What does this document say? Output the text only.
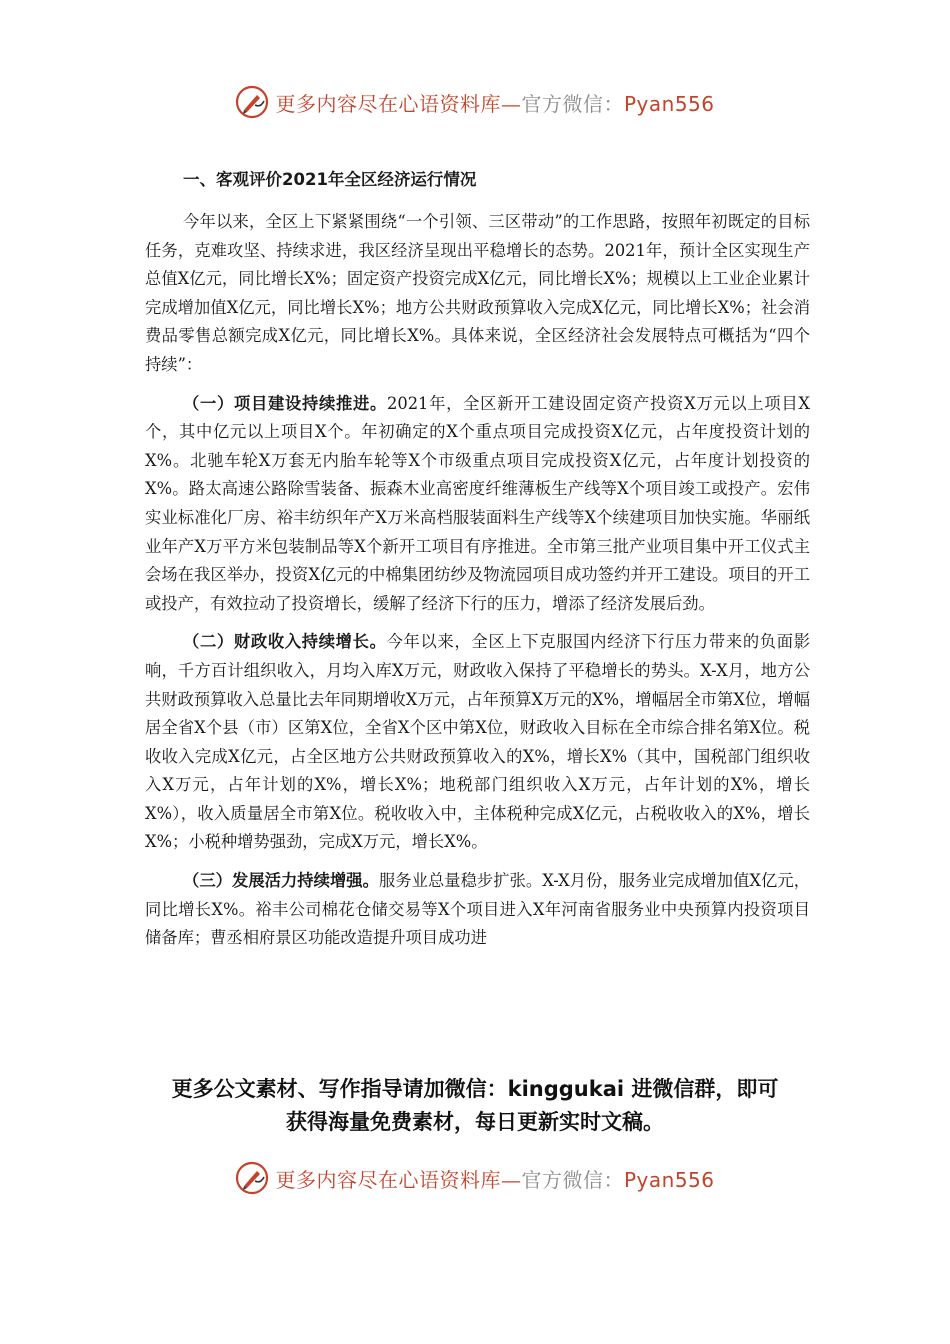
更多内容尽在心语资料库—官方微信：Pyan556
一、客观评价2021年全区经济运行情况

今年以来，全区上下紧紧围绕“一个引领、三区带动”的工作思路，按照年初既定的目标任务，克难攻坚、持续求进，我区经济呈现出平稳增长的态势。2021年，预计全区实现生产总值X亿元，同比增长X%；固定资产投资完成X亿元，同比增长X%；规模以上工业企业累计完成增加值X亿元，同比增长X%；地方公共财政预算收入完成X亿元，同比增长X%；社会消费品零售总额完成X亿元，同比增长X%。具体来说，全区经济社会发展特点可概括为“四个持续”：

（一）项目建设持续推进。2021年，全区新开工建设固定资产投资X万元以上项目X个，其中亿元以上项目X个。年初确定的X个重点项目完成投资X亿元，占年度投资计划的X%。北驰车轮X万套无内胎车轮等X个市级重点项目完成投资X亿元，占年度计划投资的X%。路太高速公路除雪装备、振森木业高密度纤维薄板生产线等X个项目竣工或投产。宏伟实业标准化厂房、裕丰纺织年产X万米高档服装面料生产线等X个续建项目加快实施。华丽纸业年产X万平方米包装制品等X个新开工项目有序推进。全市第三批产业项目集中开工仪式主会场在我区举办，投资X亿元的中棉集团纺纱及物流园项目成功签约并开工建设。项目的开工或投产，有效拉动了投资增长，缓解了经济下行的压力，增添了经济发展后劲。

（二）财政收入持续增长。今年以来，全区上下克服国内经济下行压力带来的负面影响，千方百计组织收入，月均入库X万元，财政收入保持了平稳增长的势头。X-X月，地方公共财政预算收入总量比去年同期增收X万元，占年预算X万元的X%，增幅居全市第X位，增幅居全省X个县（市）区第X位，全省X个区中第X位，财政收入目标在全市综合排名第X位。税收收入完成X亿元，占全区地方公共财政预算收入的X%，增长X%（其中，国税部门组织收入X万元，占年计划的X%，增长X%；地税部门组织收入X万元，占年计划的X%，增长X%），收入质量居全市第X位。税收收入中，主体税种完成X亿元，占税收收入的X%，增长X%；小税种增势强劲，完成X万元，增长X%。

（三）发展活力持续增强。服务业总量稳步扩张。X-X月份，服务业完成增加值X亿元，同比增长X%。裕丰公司棉花仓储交易等X个项目进入X年河南省服务业中央预算内投资项目储备库；曹丞相府景区功能改造提升项目成功进

更多公文素材、写作指导请加微信：kinggukai 进微信群，即可
获得海量免费素材，每日更新实时文稿。
更多内容尽在心语资料库—官方微信：Pyan556
